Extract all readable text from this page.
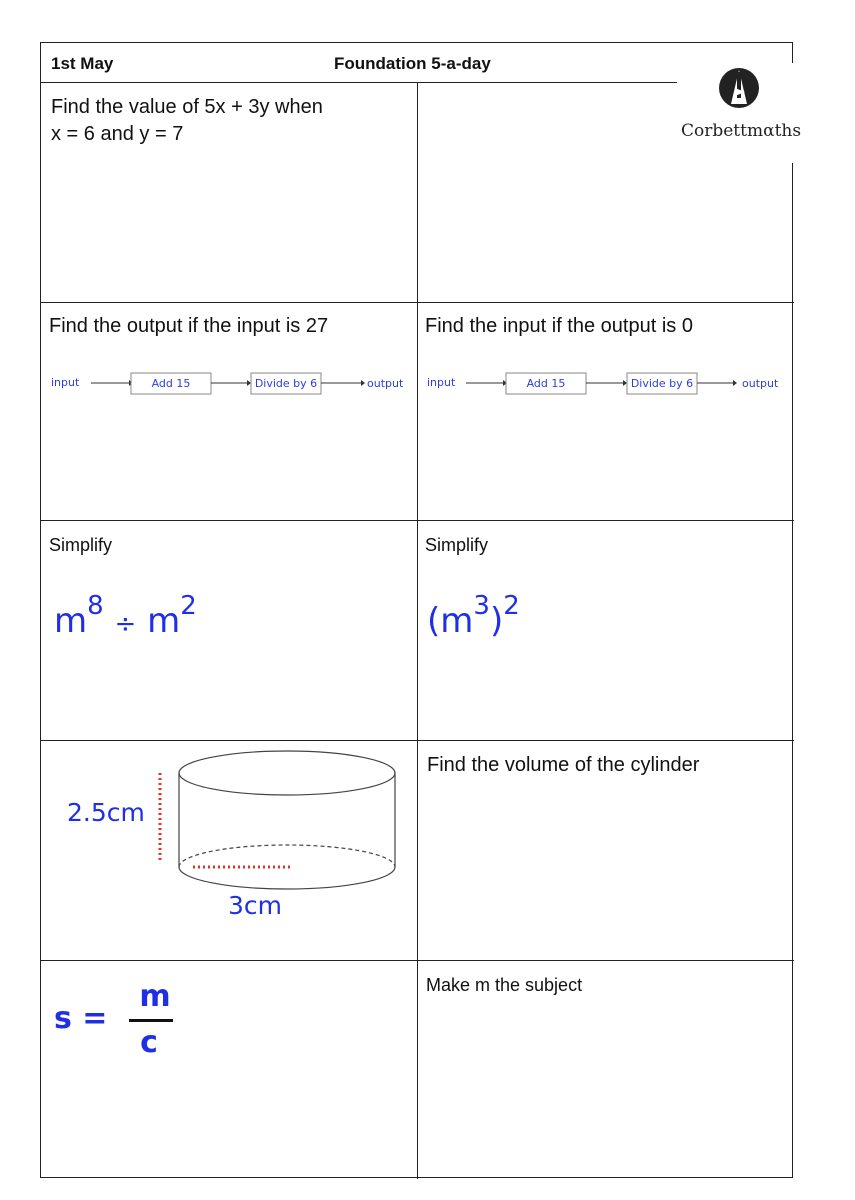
1st May	Foundation 5-a-day
Find the value of 5x + 3y when
x = 6 and y = 7
Find the output if the input is 27
input	Add 15	Divide by 6	output
Find the input if the output is 0
input	Add 15	Divide by 6	output
Simplify
$m^8 \div m^2$
Simplify
$(m^3)^2$
2.5cm
3cm
Find the volume of the cylinder
s =
m
c
Make m the subject
Corbettmαths
